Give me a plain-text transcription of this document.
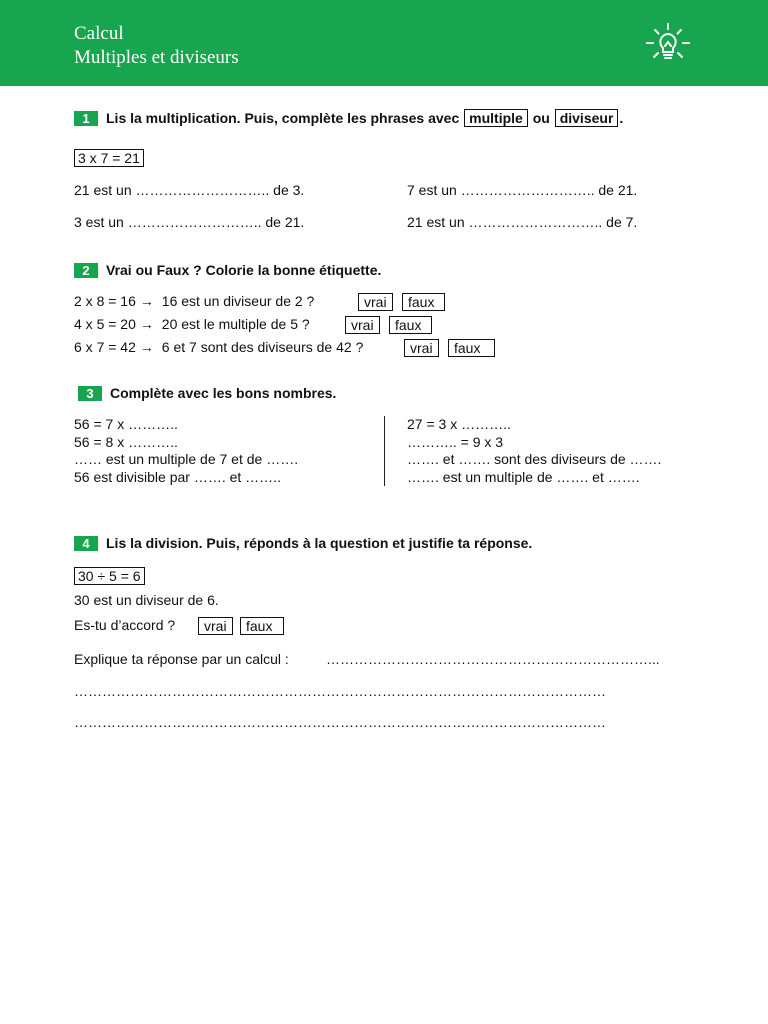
Calcul
Multiples et diviseurs
1	Lis la multiplication. Puis, complète les phrases avec multiple ou diviseur .
3 x 7 = 21
21 est un ……………………….. de 3.	7 est un ……………………….. de 21.
3 est un ……………………….. de 21.	21 est un ……………………….. de 7.
2	Vrai ou Faux ? Colorie la bonne étiquette.
2 x 8 = 16 → 16 est un diviseur de 2 ?	vrai	faux
4 x 5 = 20 → 20 est le multiple de 5 ?	vrai	faux
6 x 7 = 42 → 6 et 7 sont des diviseurs de 42 ?	vrai	faux
3	Complète avec les bons nombres.
56 = 7 x ………..
56 = 8 x ………..
…… est un multiple de 7 et de …….
56 est divisible par ……. et ……..
27 = 3 x ………..
……….. = 9 x 3
……. et ……. sont des diviseurs de …….
……. est un multiple de ……. et …….
4	Lis la division. Puis, réponds à la question et justifie ta réponse.
30 ÷ 5 = 6
30 est un diviseur de 6.
Es-tu d’accord ?	vrai	faux
Explique ta réponse par un calcul :	……………………………………………………………...
……………………………………………………………………………………………………
……………………………………………………………………………………………………
